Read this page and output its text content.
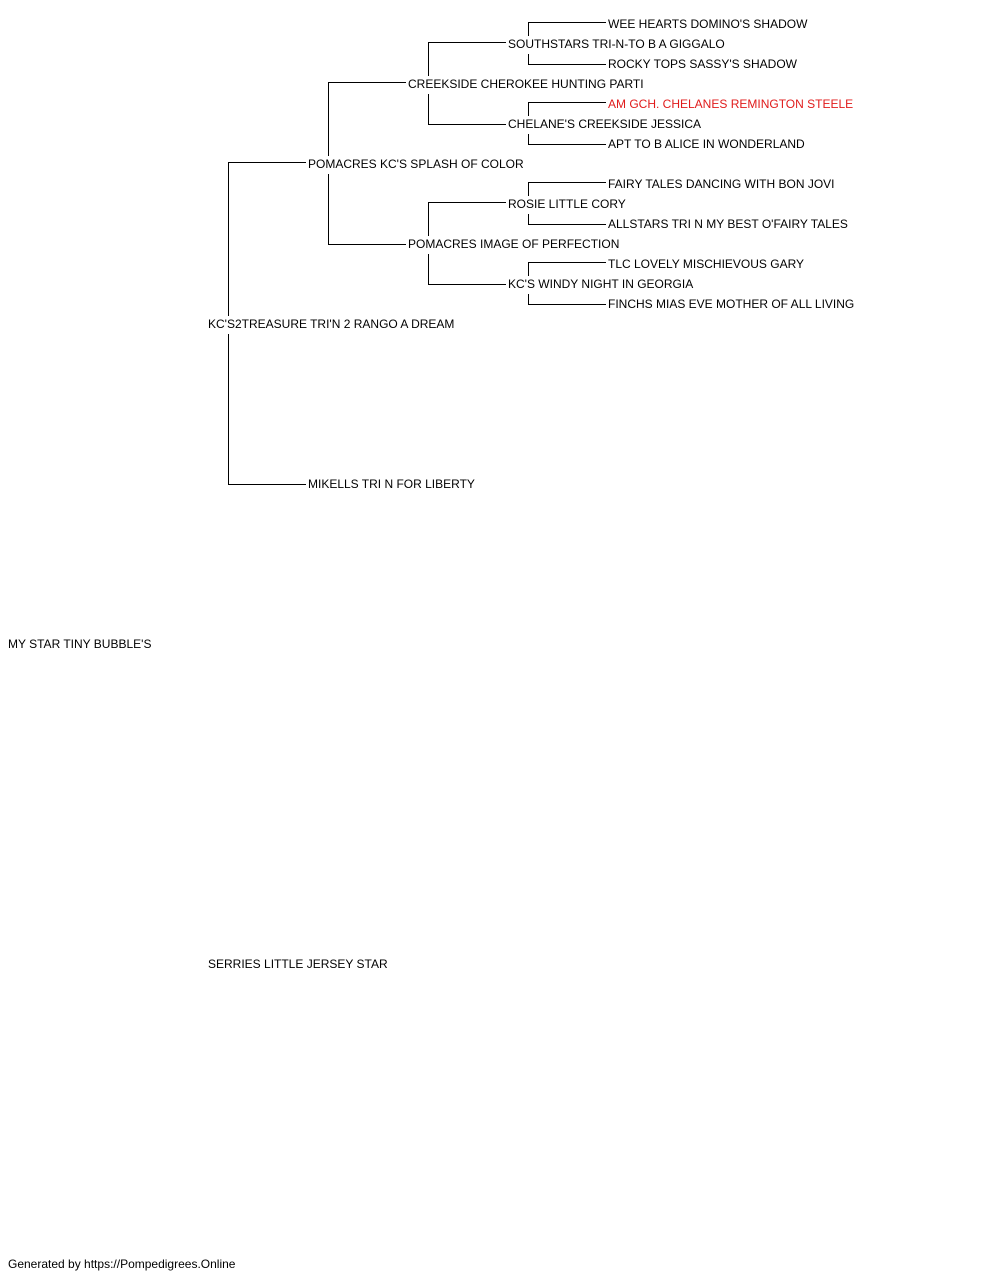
MY STAR TINY BUBBLE'S
KC'S2TREASURE TRI'N 2 RANGO A DREAM
SERRIES LITTLE JERSEY STAR
POMACRES KC'S SPLASH OF COLOR
MIKELLS TRI N FOR LIBERTY
CREEKSIDE CHEROKEE HUNTING PARTI
POMACRES IMAGE OF PERFECTION
SOUTHSTARS TRI-N-TO B A GIGGALO
CHELANE'S CREEKSIDE JESSICA
ROSIE LITTLE CORY
KC'S WINDY NIGHT IN GEORGIA
WEE HEARTS DOMINO'S SHADOW
ROCKY TOPS SASSY'S SHADOW
AM GCH. CHELANES REMINGTON STEELE
APT TO B ALICE IN WONDERLAND
FAIRY TALES DANCING WITH BON JOVI
ALLSTARS TRI N MY BEST O'FAIRY TALES
TLC LOVELY MISCHIEVOUS GARY
FINCHS MIAS EVE MOTHER OF ALL LIVING
Generated by https://Pompedigrees.Online
